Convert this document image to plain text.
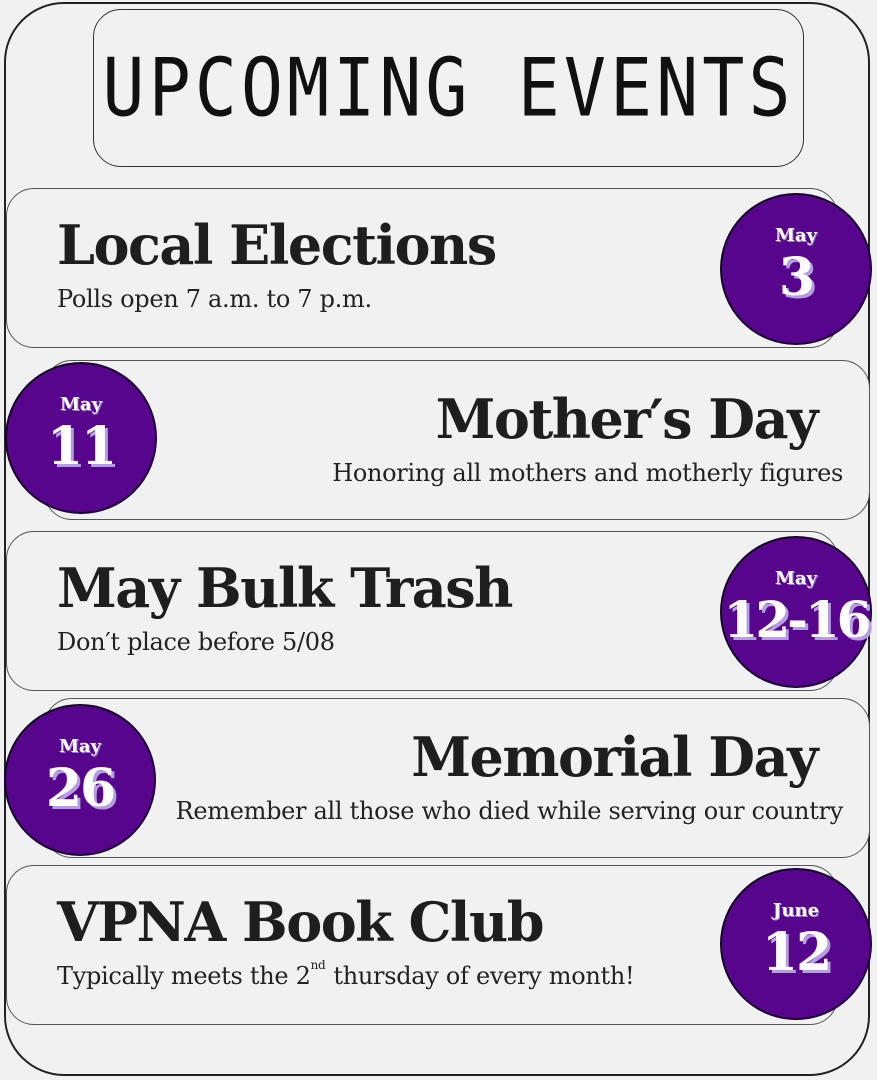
UPCOMING EVENTS
Local Elections
Polls open 7 a.m. to 7 p.m.
May
3
Mother′s Day
Honoring all mothers and motherly figures
May
11
May Bulk Trash
Don′t place before 5/08
May
12-16
Memorial Day
Remember all those who died while serving our country
May
26
VPNA Book Club
Typically meets the 2nd thursday of every month!
June
12
